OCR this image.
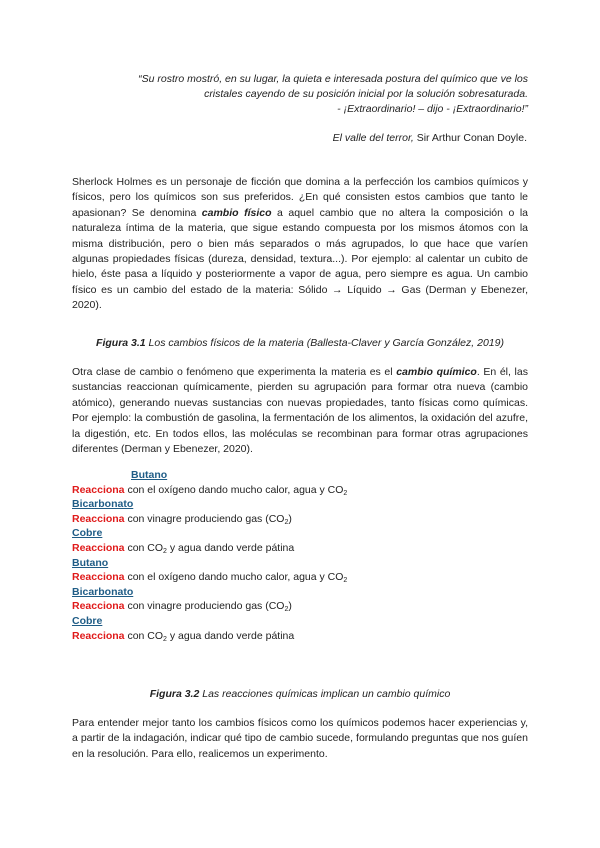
“Su rostro mostró, en su lugar, la quieta e interesada postura del químico que ve los
cristales cayendo de su posición inicial por la solución sobresaturada.
- ¡Extraordinario! – dijo - ¡Extraordinario!”
El valle del terror, Sir Arthur Conan Doyle.
Sherlock Holmes es un personaje de ficción que domina a la perfección los cambios químicos y físicos, pero los químicos son sus preferidos. ¿En qué consisten estos cambios que tanto le apasionan? Se denomina cambio físico a aquel cambio que no altera la composición o la naturaleza íntima de la materia, que sigue estando compuesta por los mismos átomos con la misma distribución, pero o bien más separados o más agrupados, lo que hace que varíen algunas propiedades físicas (dureza, densidad, textura...). Por ejemplo: al calentar un cubito de hielo, éste pasa a líquido y posteriormente a vapor de agua, pero siempre es agua. Un cambio físico es un cambio del estado de la materia: Sólido → Líquido → Gas (Derman y Ebenezer, 2020).
Figura 3.1 Los cambios físicos de la materia (Ballesta-Claver y García González, 2019)
Otra clase de cambio o fenómeno que experimenta la materia es el cambio químico. En él, las sustancias reaccionan químicamente, pierden su agrupación para formar otra nueva (cambio atómico), generando nuevas sustancias con nuevas propiedades, tanto físicas como químicas. Por ejemplo: la combustión de gasolina, la fermentación de los alimentos, la oxidación del azufre, la digestión, etc. En todos ellos, las moléculas se recombinan para formar otras agrupaciones diferentes (Derman y Ebenezer, 2020).
Butano
Reacciona con el oxígeno dando mucho calor, agua y $CO_2$
Bicarbonato
Reacciona con vinagre produciendo gas $(CO_2)$
Cobre
Reacciona con $CO_2$ y agua dando verde pátina
Butano
Reacciona con el oxígeno dando mucho calor, agua y $CO_2$
Bicarbonato
Reacciona con vinagre produciendo gas $(CO_2)$
Cobre
Reacciona con $CO_2$ y agua dando verde pátina
Figura 3.2 Las reacciones químicas implican un cambio químico
Para entender mejor tanto los cambios físicos como los químicos podemos hacer experiencias y, a partir de la indagación, indicar qué tipo de cambio sucede, formulando preguntas que nos guíen en la resolución. Para ello, realicemos un experimento.
